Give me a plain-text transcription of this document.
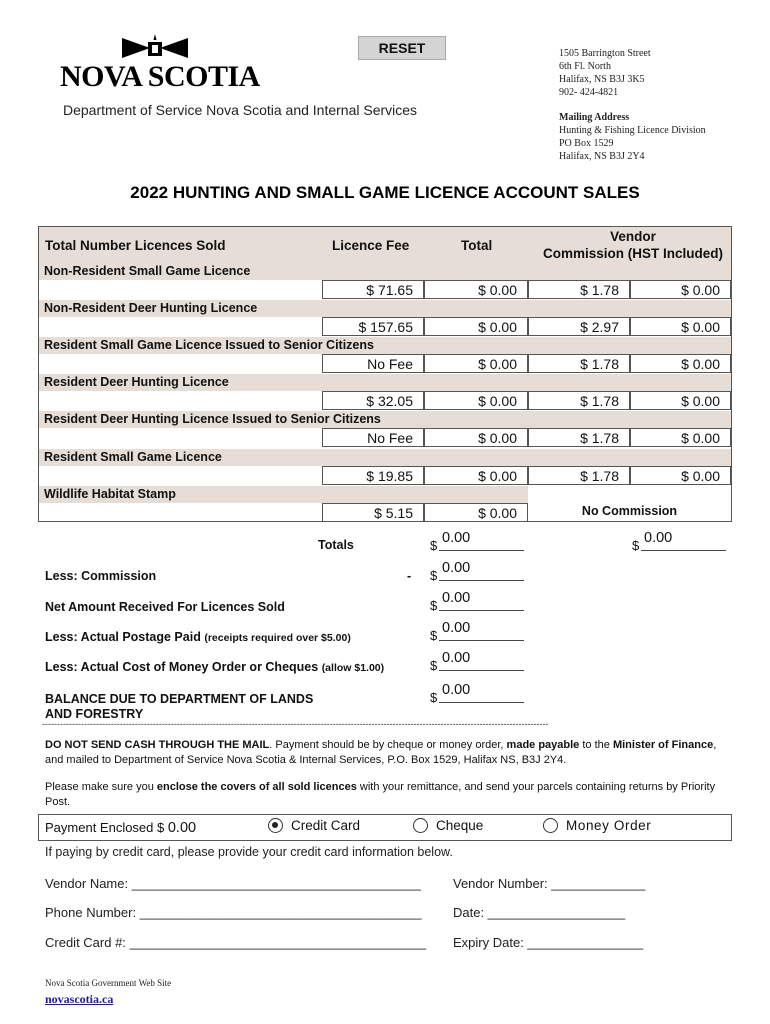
NOVA SCOTIA
RESET
Department of Service Nova Scotia and Internal Services
1505 Barrington Street
6th Fl. North
Halifax, NS B3J 3K5
902- 424-4821
Mailing Address
Hunting & Fishing Licence Division
PO Box 1529
Halifax, NS B3J 2Y4
2022 HUNTING AND SMALL GAME LICENCE ACCOUNT SALES
Total Number Licences Sold	Licence Fee	Total
Vendor
Commission (HST Included)
Non-Resident Small Game Licence
$ 71.65	$ 0.00	$ 1.78	$ 0.00
Non-Resident Deer Hunting Licence
$ 157.65	$ 0.00	$ 2.97	$ 0.00
Resident Small Game Licence Issued to Senior Citizens
No Fee	$ 0.00	$ 1.78	$ 0.00
Resident Deer Hunting Licence
$ 32.05	$ 0.00	$ 1.78	$ 0.00
Resident Deer Hunting Licence Issued to Senior Citizens
No Fee	$ 0.00	$ 1.78	$ 0.00
Resident Small Game Licence
$ 19.85	$ 0.00	$ 1.78	$ 0.00
Wildlife Habitat Stamp
$ 5.15	$ 0.00	No Commission
Totals	$ 0.00	$ 0.00
Less: Commission	- $ 0.00
Net Amount Received For Licences Sold	$ 0.00
Less: Actual Postage Paid (receipts required over $5.00)	$ 0.00
Less: Actual Cost of Money Order or Cheques (allow $1.00)	$ 0.00
BALANCE DUE TO DEPARTMENT OF LANDS
AND FORESTRY
$ 0.00
-------------------------------------------------------------------------------------------------------------------------------------------------------------------------
DO NOT SEND CASH THROUGH THE MAIL. Payment should be by cheque or money order, made payable to the Minister of Finance, and mailed to Department of Service Nova Scotia & Internal Services, P.O. Box 1529, Halifax NS, B3J 2Y4.
Please make sure you enclose the covers of all sold licences with your remittance, and send your parcels containing returns by Priority Post.
Payment Enclosed $ 0.00	Credit Card	Cheque	Money Order
If paying by credit card, please provide your credit card information below.
Vendor Name: ________________________________________ Vendor Number: _____________
Phone Number: _______________________________________ Date: ___________________
Credit Card #: _________________________________________ Expiry Date: ________________
Nova Scotia Government Web Site
novascotia.ca
